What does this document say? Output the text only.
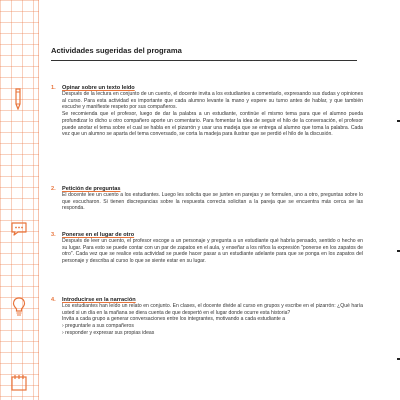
Actividades sugeridas del programa
1.	Opinar sobre un texto leído

Después de la lectura en conjunto de un cuento, el docente invita a los estudiantes a comentarlo, expresando sus dudas y opiniones al curso. Para esta actividad es importante que cada alumno levante la mano y espere su turno antes de hablar, y que también escuche y manifieste respeto por sus compañeros.

Se recomienda que el profesor, luego de dar la palabra a un estudiante, continúe el mismo tema para que el alumno pueda profundizar lo dicho u otro compañero aporte un comentario. Para fomentar la idea de seguir el hilo de la conversación, el profesor puede anotar el tema sobre el cual se habla en el pizarrón y usar una madeja que se entrega al alumno que toma la palabra. Cada vez que un alumno se aparta del tema conversado, se corta la madeja para ilustrar que se perdió el hilo de la discusión.

2.	Petición de preguntas

El docente lee un cuento a los estudiantes. Luego les solicita que se junten en parejas y se formulen, uno a otro, preguntas sobre lo que escucharon. Si tienen discrepancias sobre la respuesta correcta solicitan a la pareja que se encuentra más cerca se las responda.

3.	Ponerse en el lugar de otro

Después de leer un cuento, el profesor escoge a un personaje y pregunta a un estudiante qué habría pensado, sentido o hecho en su lugar. Para esto se puede contar con un par de zapatos en el aula, y enseñar a los niños la expresión "ponerse en los zapatos de otro". Cada vez que se realice esta actividad se puede hacer pasar a un estudiante adelante para que se ponga en los zapatos del personaje y describa al curso lo que se siente estar en su lugar.

4.	Introducirse en la narración

Los estudiantes han leído un relato en conjunto. En clases, el docente divide al curso en grupos y escribe en el pizarrón: ¿Qué haría usted si un día en la mañana se diera cuenta de que despertó en el lugar donde ocurre esta historia?

Invita a cada grupo a generar conversaciones entre los integrantes, motivando a cada estudiante a

› preguntarle a sus compañeros

› responder y expresar sus propias ideas
